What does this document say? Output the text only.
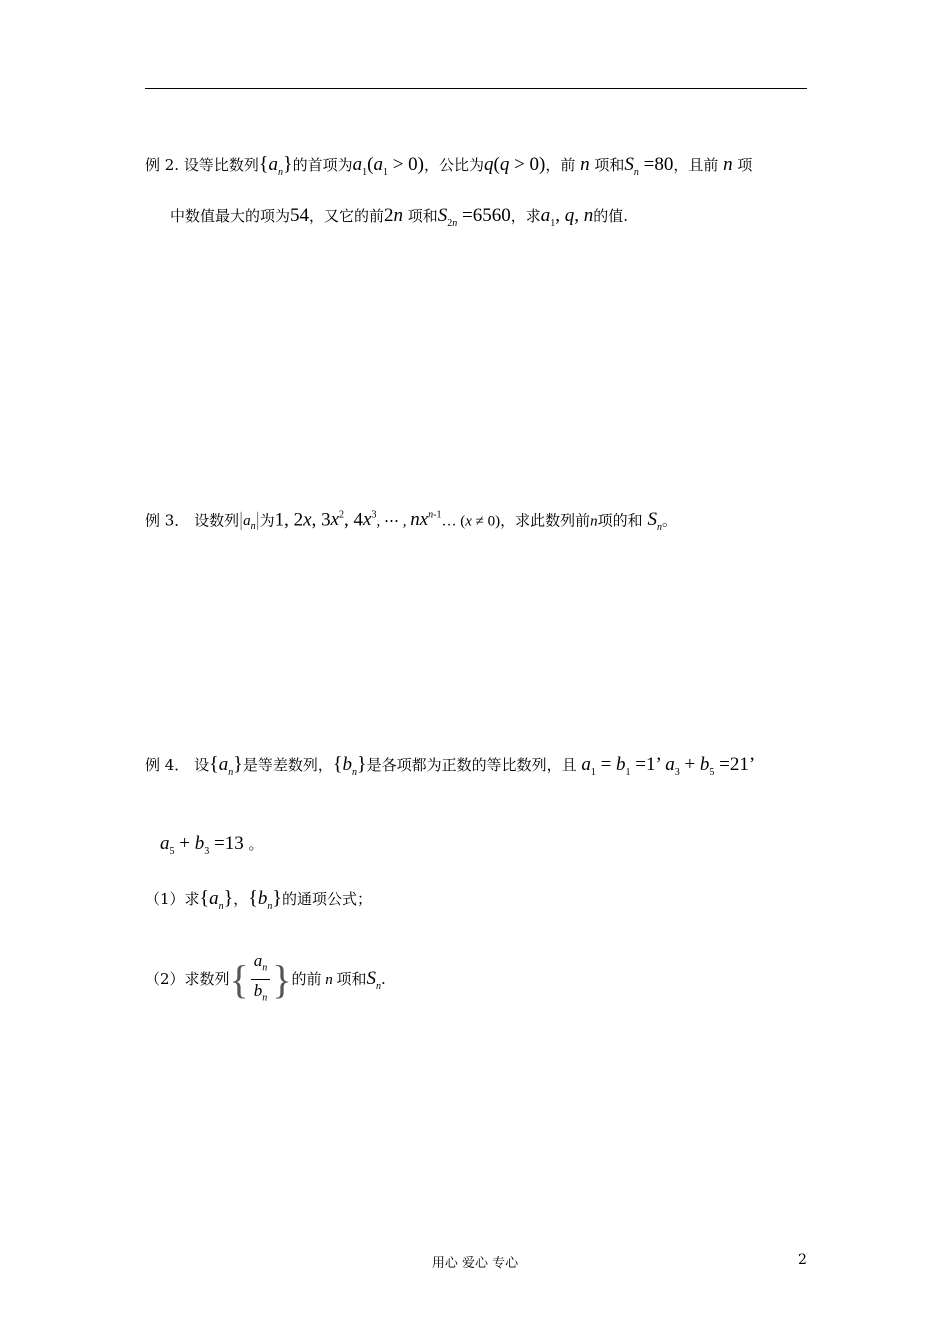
例 2. 设等比数列$\{a_n\}$的首项为$a_1(a_1 > 0)$，公比为q(q > 0)，前 n 项和$S_n =80$，且前 n 项
中数值最大的项为54，又它的前2n 项和$S_{2n} =6560$，求$a_1$, q, n的值.
例 3． 设数列$|a_n|$为1, 2x, $3x^2$, $4x^3$, ⋯ , $nx^{n-1}\dots$ (x ≠ 0)，求此数列前n项的和 $S_n$。
例 4． 设$\{a_n\}$是等差数列，$\{b_n\}$是各项都为正数的等比数列，且 $a_1 = b_1 =1$’ $a_3 + b_5 =21$’
$a_5 + b_3 =13$ 。
（1）求$\{a_n\}$，$\{b_n\}$的通项公式；
（2）求数列{ $\frac{a_n}{b_n}$ }的前 n 项和$S_n$.
用心 爱心 专心	2
